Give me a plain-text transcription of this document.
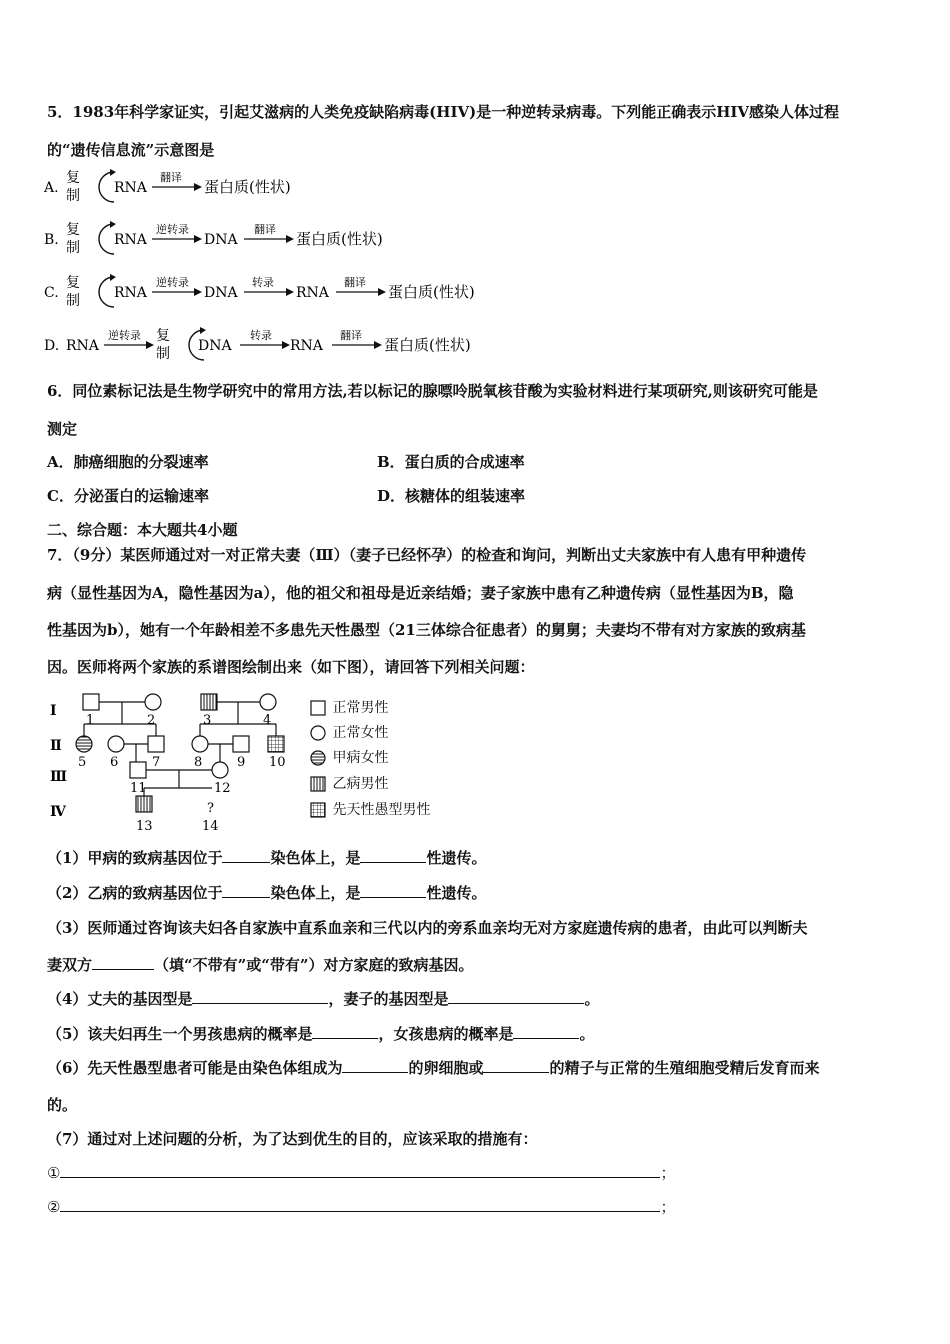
5．1983年科学家证实，引起艾滋病的人类免疫缺陷病毒(HIV)是一种逆转录病毒。下列能正确表示HIV感染人体过程
的“遗传信息流”示意图是
A.
复
制 RNA
翻译
蛋白质(性状)
B.
复
制 RNA
逆转录
DNA
翻译
蛋白质(性状)
C.
复
制 RNA
逆转录
DNA
转录
RNA
翻译
蛋白质(性状)
D. RNA
逆转录 复
制 DNA
转录
RNA
翻译
蛋白质(性状)
6．同位素标记法是生物学研究中的常用方法,若以标记的腺嘌呤脱氧核苷酸为实验材料进行某项研究,则该研究可能是
测定
A．肺癌细胞的分裂速率	B．蛋白质的合成速率
C．分泌蛋白的运输速率	D．核糖体的组装速率
二、综合题：本大题共4小题
7．（9分）某医师通过对一对正常夫妻（Ⅲ）（妻子已经怀孕）的检查和询问，判断出丈夫家族中有人患有甲种遗传
病（显性基因为A，隐性基因为a），他的祖父和祖母是近亲结婚；妻子家族中患有乙种遗传病（显性基因为B，隐
性基因为b），她有一个年龄相差不多患先天性愚型（21三体综合征患者）的舅舅；夫妻均不带有对方家族的致病基
因。医师将两个家族的系谱图绘制出来（如下图），请回答下列相关问题：
Ⅰ
Ⅱ
Ⅲ
Ⅳ
1	2	3	4
5 6	7	8	9 10
11	12
13
?
14
正常男性
正常女性
甲病女性
乙病男性
先天性愚型男性
（1）甲病的致病基因位于	染色体上，是	性遗传。
（2）乙病的致病基因位于	染色体上，是	性遗传。
（3）医师通过咨询该夫妇各自家族中直系血亲和三代以内的旁系血亲均无对方家庭遗传病的患者，由此可以判断夫
妻双方	（填“不带有”或“带有”）对方家庭的致病基因。
（4）丈夫的基因型是	，妻子的基因型是	。
（5）该夫妇再生一个男孩患病的概率是	，女孩患病的概率是	。
（6）先天性愚型患者可能是由染色体组成为	的卵细胞或	的精子与正常的生殖细胞受精后发育而来
的。
（7）通过对上述问题的分析，为了达到优生的目的，应该采取的措施有：
①	；
②	；
